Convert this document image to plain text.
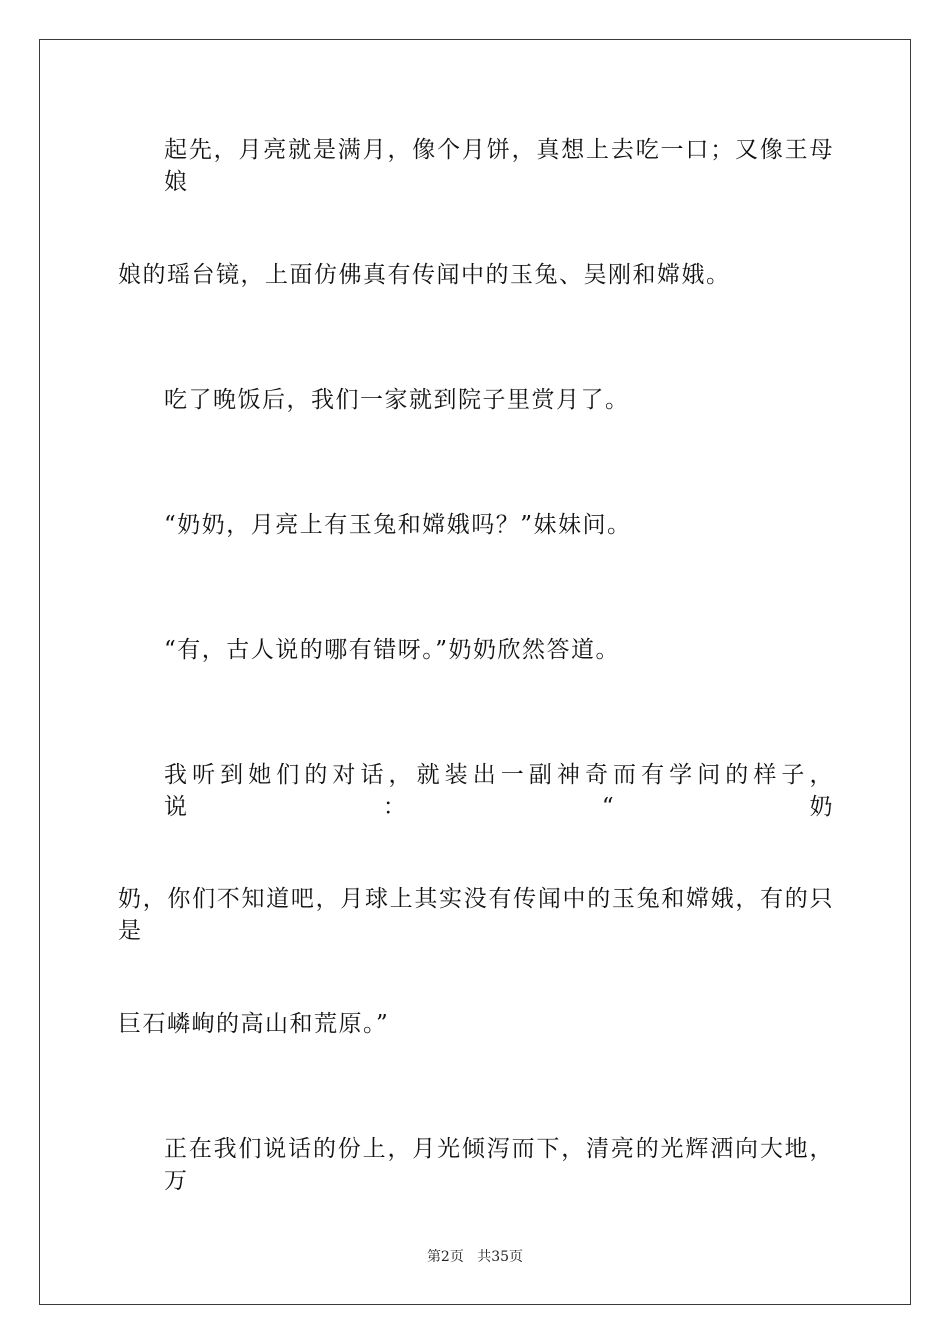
起先，月亮就是满月，像个月饼，真想上去吃一口；又像王母娘
娘的瑶台镜，上面仿佛真有传闻中的玉兔、吴刚和嫦娥。
吃了晚饭后，我们一家就到院子里赏月了。
“奶奶，月亮上有玉兔和嫦娥吗？”妹妹问。
“有，古人说的哪有错呀。”奶奶欣然答道。
我听到她们的对话，就装出一副神奇而有学问的样子，说：“奶
奶，你们不知道吧，月球上其实没有传闻中的玉兔和嫦娥，有的只是
巨石嶙峋的高山和荒原。”
正在我们说话的份上，月光倾泻而下，清亮的光辉洒向大地，万
第2页 共35页
